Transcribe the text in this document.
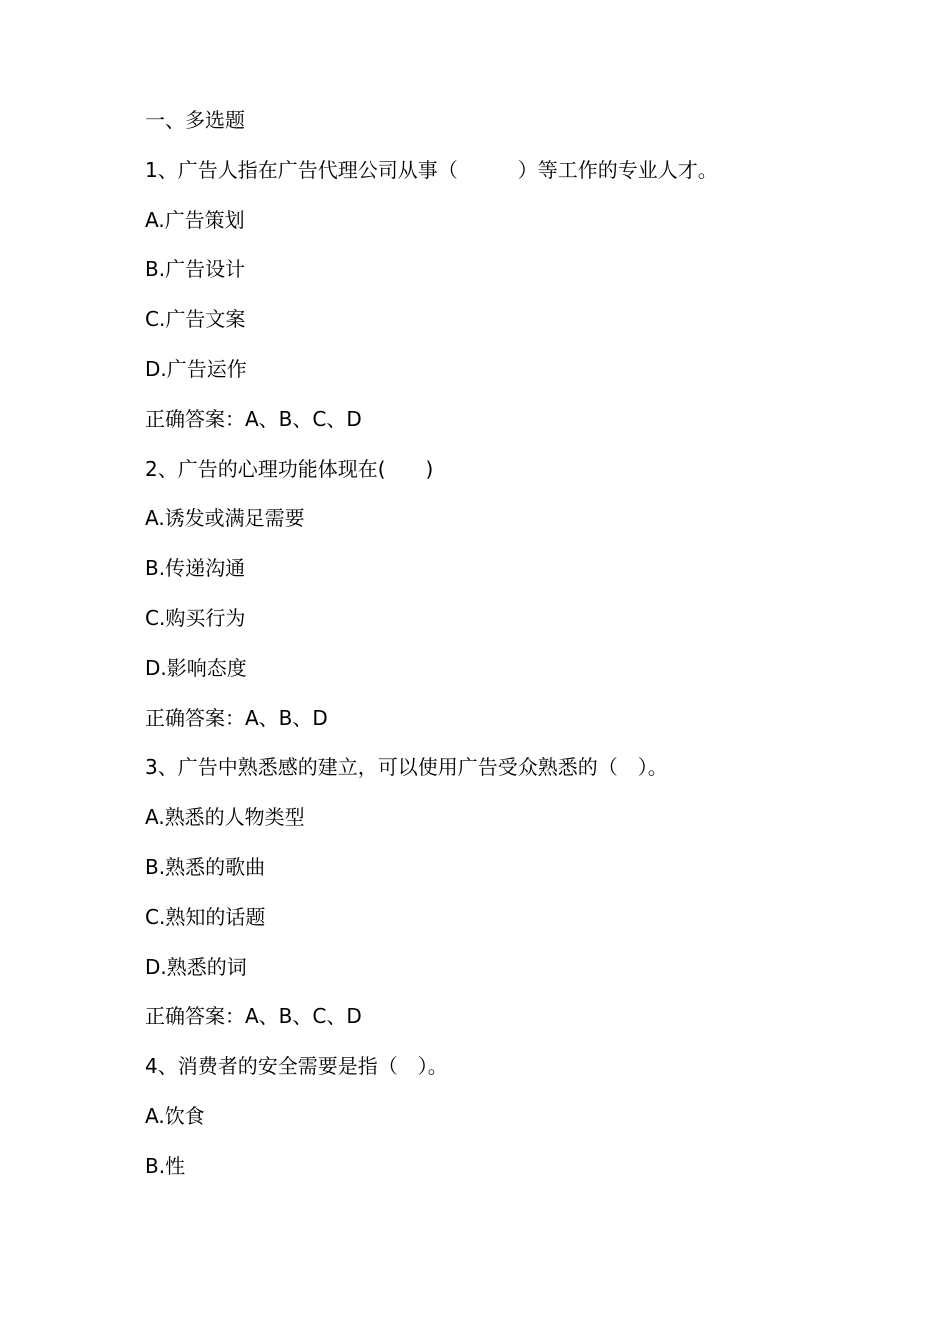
一、多选题
1、广告人指在广告代理公司从事（　　　）等工作的专业人才。
A.广告策划
B.广告设计
C.广告文案
D.广告运作
正确答案：A、B、C、D
2、广告的心理功能体现在(　　)
A.诱发或满足需要
B.传递沟通
C.购买行为
D.影响态度
正确答案：A、B、D
3、广告中熟悉感的建立，可以使用广告受众熟悉的（　）。
A.熟悉的人物类型
B.熟悉的歌曲
C.熟知的话题
D.熟悉的词
正确答案：A、B、C、D
4、消费者的安全需要是指（　）。
A.饮食
B.性
